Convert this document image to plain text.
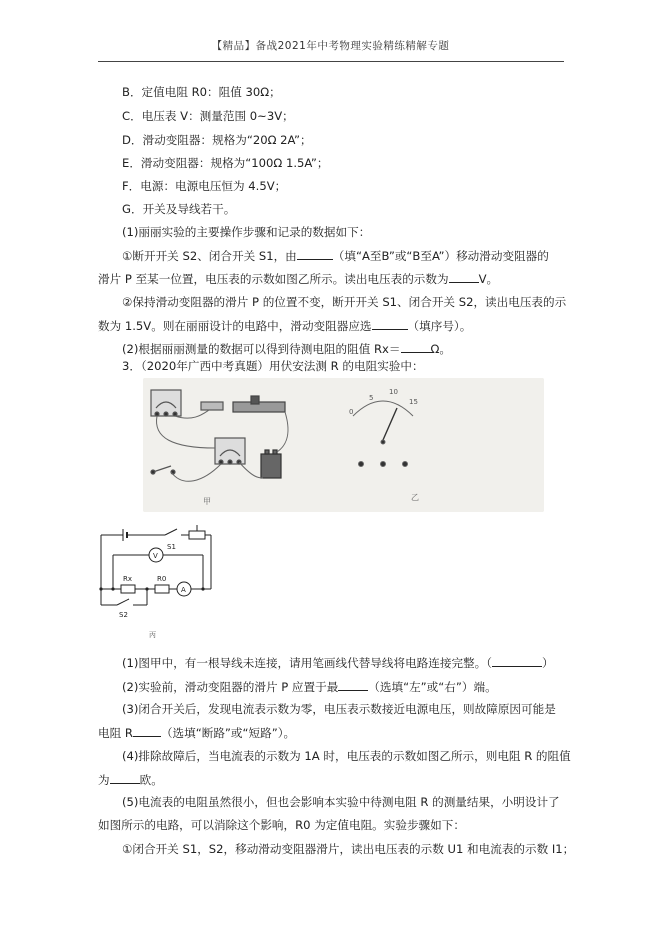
【精品】备战2021年中考物理实验精练精解专题
B．定值电阻 R0：阻值 30Ω；
C．电压表 V：测量范围 0~3V；
D．滑动变阻器：规格为“20Ω 2A”；
E．滑动变阻器：规格为“100Ω 1.5A”；
F．电源：电源电压恒为 4.5V；
G．开关及导线若干。
(1)丽丽实验的主要操作步骤和记录的数据如下：
①断开开关 S2、闭合开关 S1，由	（填“A至B”或“B至A”）移动滑动变阻器的
滑片 P 至某一位置，电压表的示数如图乙所示。读出电压表的示数为	V。
②保持滑动变阻器的滑片 P 的位置不变，断开开关 S1、闭合开关 S2，读出电压表的示
数为 1.5V。则在丽丽设计的电路中，滑动变阻器应选	（填序号）。
(2)根据丽丽测量的数据可以得到待测电阻的阻值 Rx＝	Ω。
3．（2020年广西中考真题）用伏安法测 R 的电阻实验中：
甲
10
15
5
0
乙
S1
V
Rx	R0
A
S2
丙
(1)图甲中，有一根导线未连接，请用笔画线代替导线将电路连接完整。（	）
(2)实验前，滑动变阻器的滑片 P 应置于最	（选填“左”或“右”）端。
(3)闭合开关后，发现电流表示数为零，电压表示数接近电源电压，则故障原因可能是
电阻 R （选填“断路”或“短路”）。
(4)排除故障后，当电流表的示数为 1A 时，电压表的示数如图乙所示，则电阻 R 的阻值
为	欧。
(5)电流表的电阻虽然很小，但也会影响本实验中待测电阻 R 的测量结果，小明设计了
如图所示的电路，可以消除这个影响，R0 为定值电阻。实验步骤如下：
①闭合开关 S1，S2，移动滑动变阻器滑片，读出电压表的示数 U1 和电流表的示数 I1；
